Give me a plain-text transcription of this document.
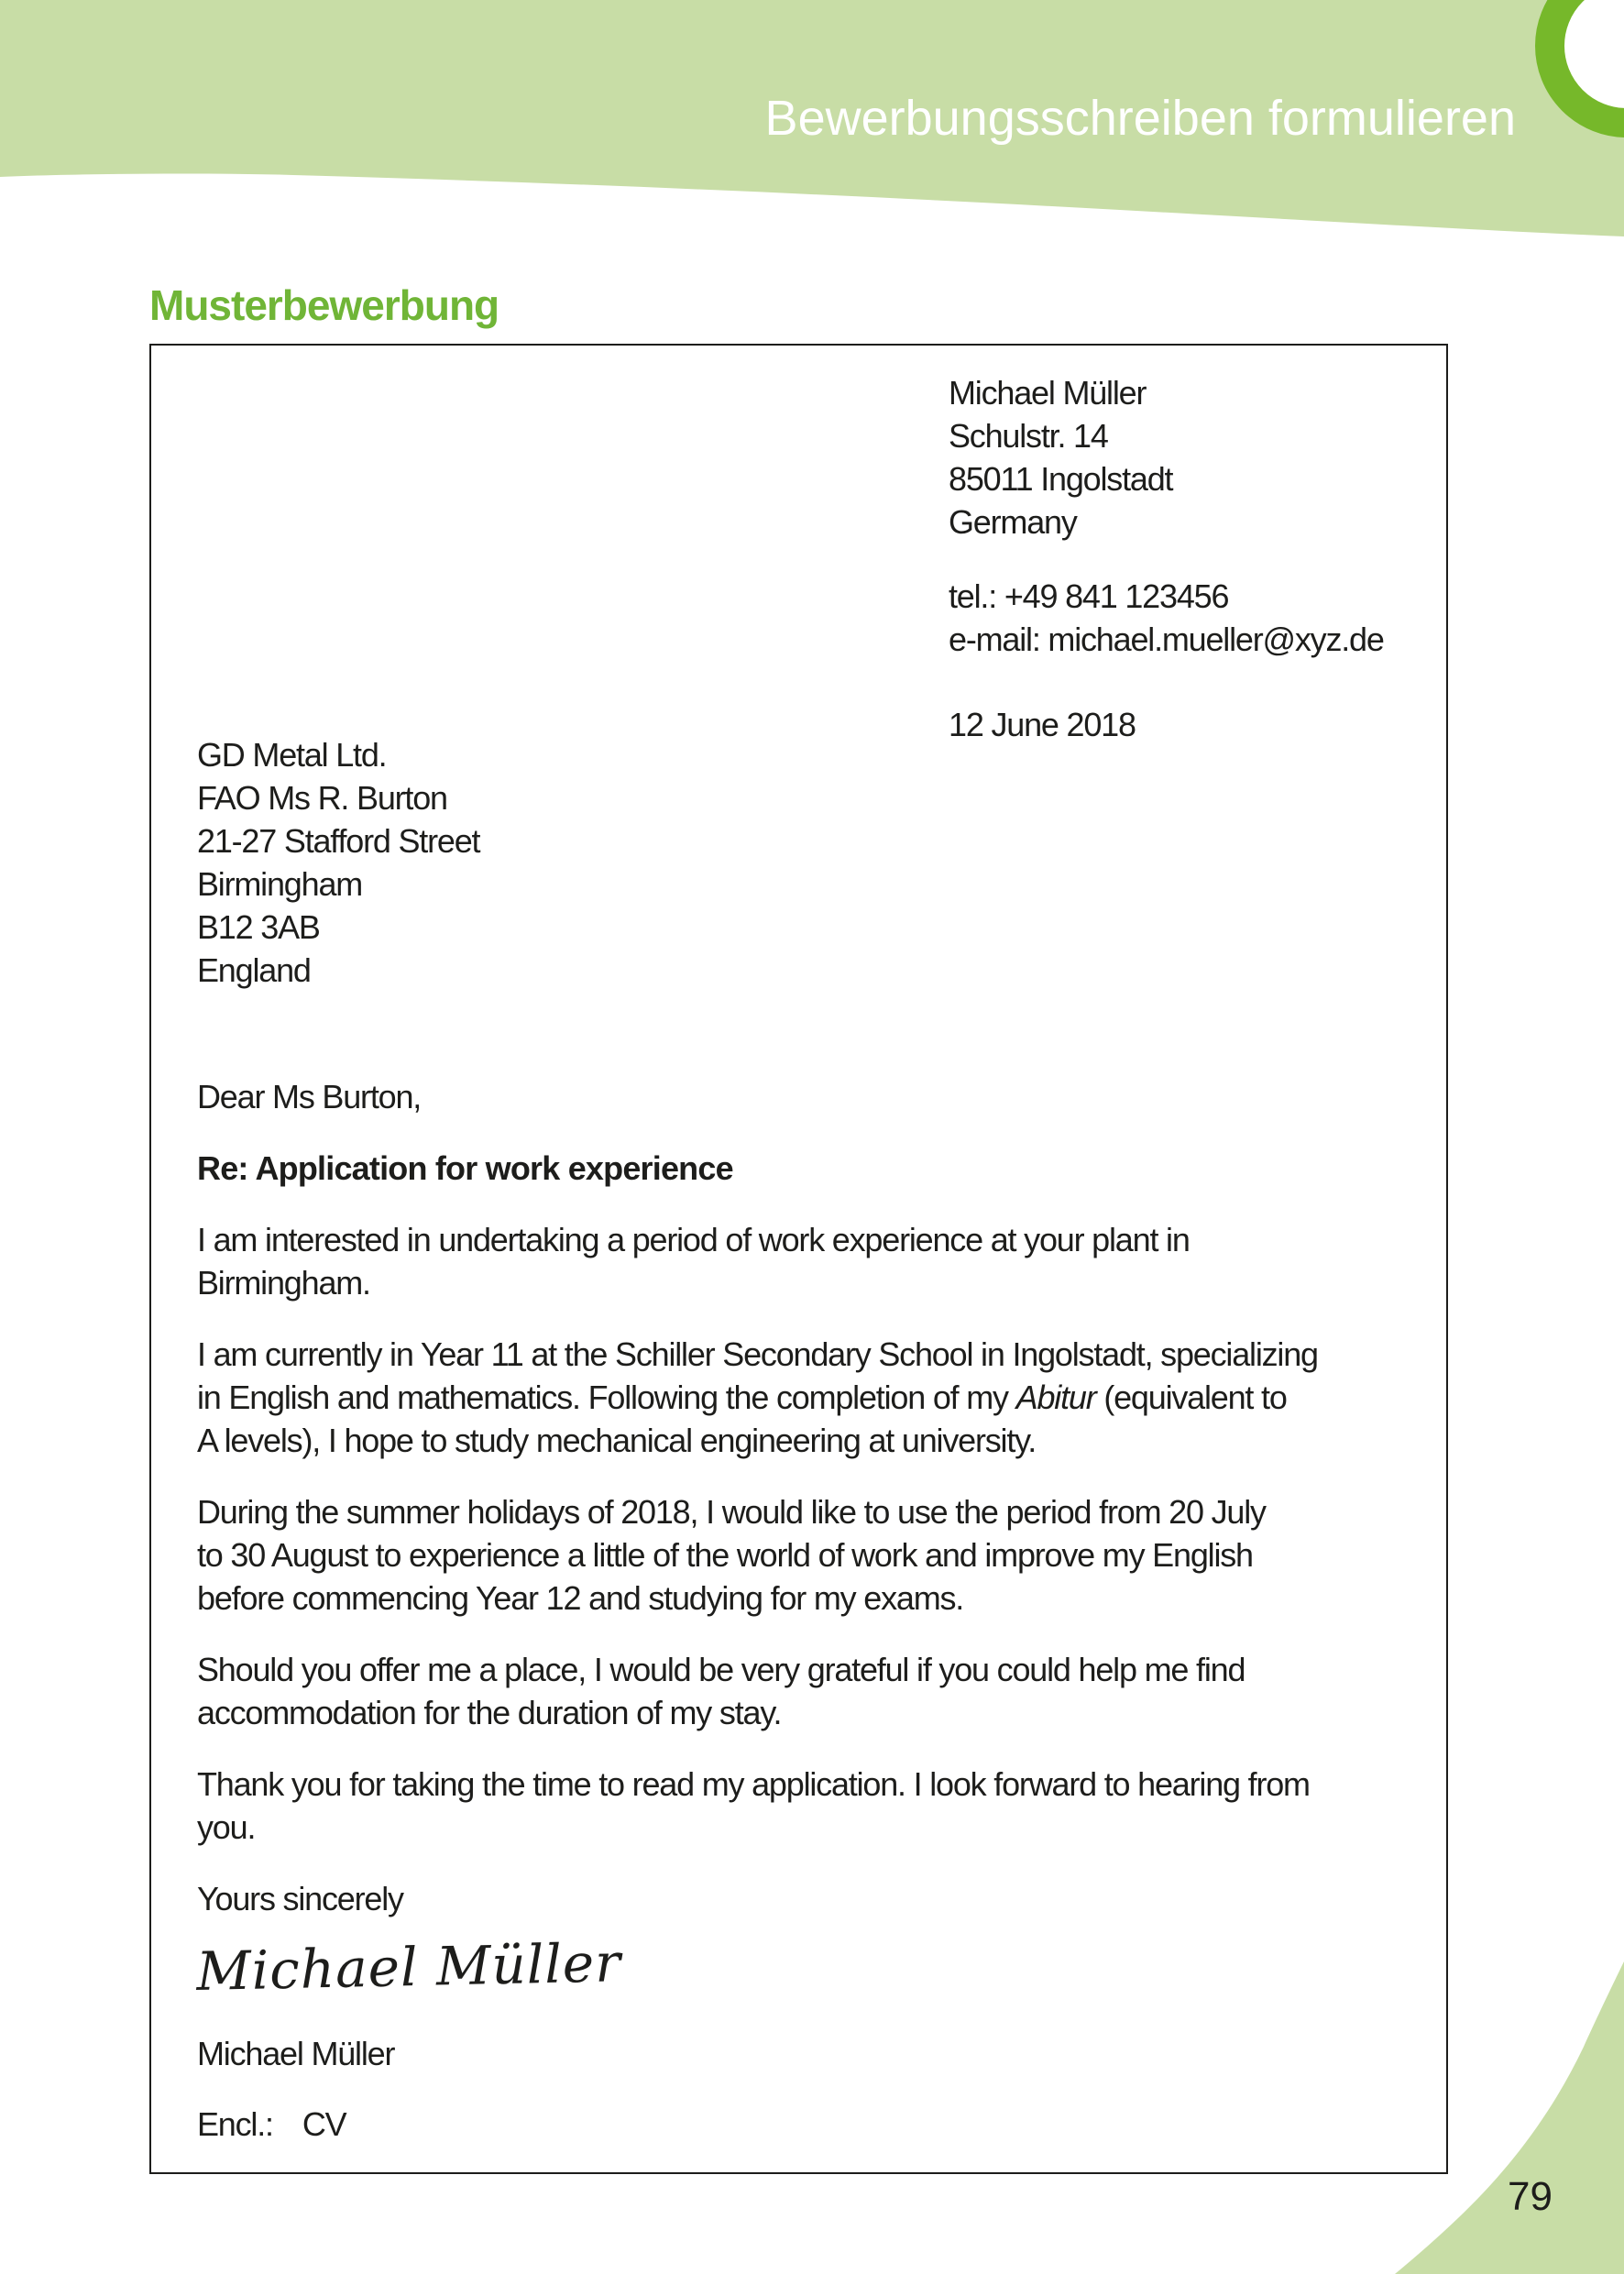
Bewerbungsschreiben formulieren
Musterbewerbung
Michael Müller
Schulstr. 14
85011 Ingolstadt
Germany
tel.: +49 841 123456
e-mail: michael.mueller@xyz.de
12 June 2018
GD Metal Ltd.
FAO Ms R. Burton
21-27 Stafford Street
Birmingham
B12 3AB
England
Dear Ms Burton,
Re: Application for work experience
I am interested in undertaking a period of work experience at your plant in
Birmingham.
I am currently in Year 11 at the Schiller Secondary School in Ingolstadt, specializing
in English and mathematics. Following the completion of my Abitur (equivalent to
A levels), I hope to study mechanical engineering at university.
During the summer holidays of 2018, I would like to use the period from 20 July
to 30 August to experience a little of the world of work and improve my English
before commencing Year 12 and studying for my exams.
Should you offer me a place, I would be very grateful if you could help me find
accommodation for the duration of my stay.
Thank you for taking the time to read my application. I look forward to hearing from
you.
Yours sincerely
Michael Müller
Michael Müller
Encl.: CV
79
